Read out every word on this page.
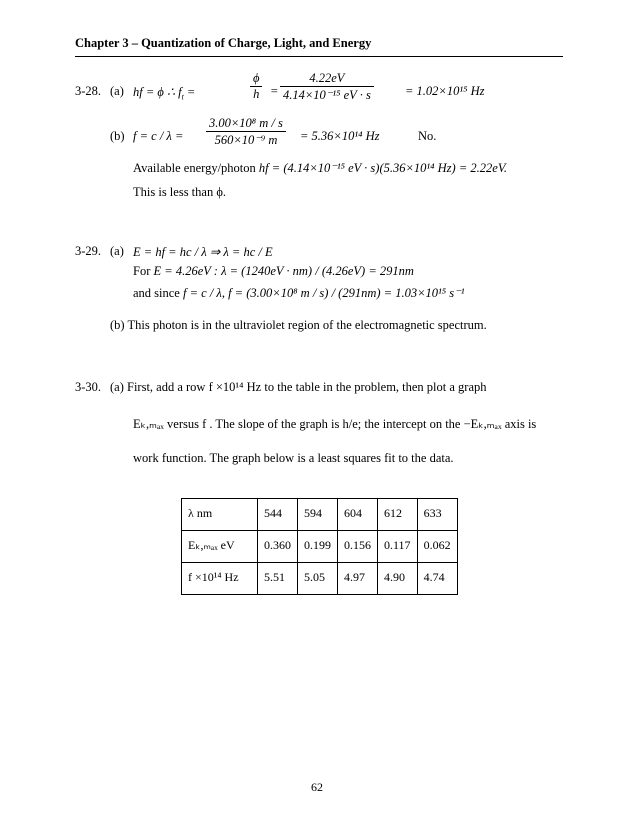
Chapter 3 – Quantization of Charge, Light, and Energy
3-28. (a) hf = ϕ ∴ $f_t$ =	$\frac{\phi}{h} = \frac{4.22eV}{\text{4.14×10⁻¹⁵ eV · s}} = 1.02\times 10^{15}$ Hz
(b) $f = c / \lambda = \frac{\text{3.00×10⁸ m / s}}{\text{560×10⁻⁹ m}} = 5.36\times 10^{14}$ Hz	No.
Available energy/photon hf = (4.14×10⁻¹⁵ eV · s)(5.36×10¹⁴ Hz) = 2.22eV.
This is less than ϕ.
3-29. (a) E = hf = hc / λ ⇒ λ = hc / E
For E = 4.26eV : λ = (1240eV · nm) / (4.26eV) = 291nm
and since f = c / λ, f = (3.00×10⁸ m / s) / (291nm) = 1.03×10¹⁵ s⁻¹
(b) This photon is in the ultraviolet region of the electromagnetic spectrum.
3-30. (a) First, add a row f ×10¹⁴ Hz to the table in the problem, then plot a graph
Eₖ,ₘₐₓ versus f . The slope of the graph is h/e; the intercept on the −Eₖ,ₘₐₓ axis is
work function. The graph below is a least squares fit to the data.
λ nm	544	594	604	612	633
Eₖ,ₘₐₓ eV	0.360	0.199	0.156	0.117	0.062
f ×10¹⁴ Hz	5.51	5.05	4.97	4.90	4.74
62
